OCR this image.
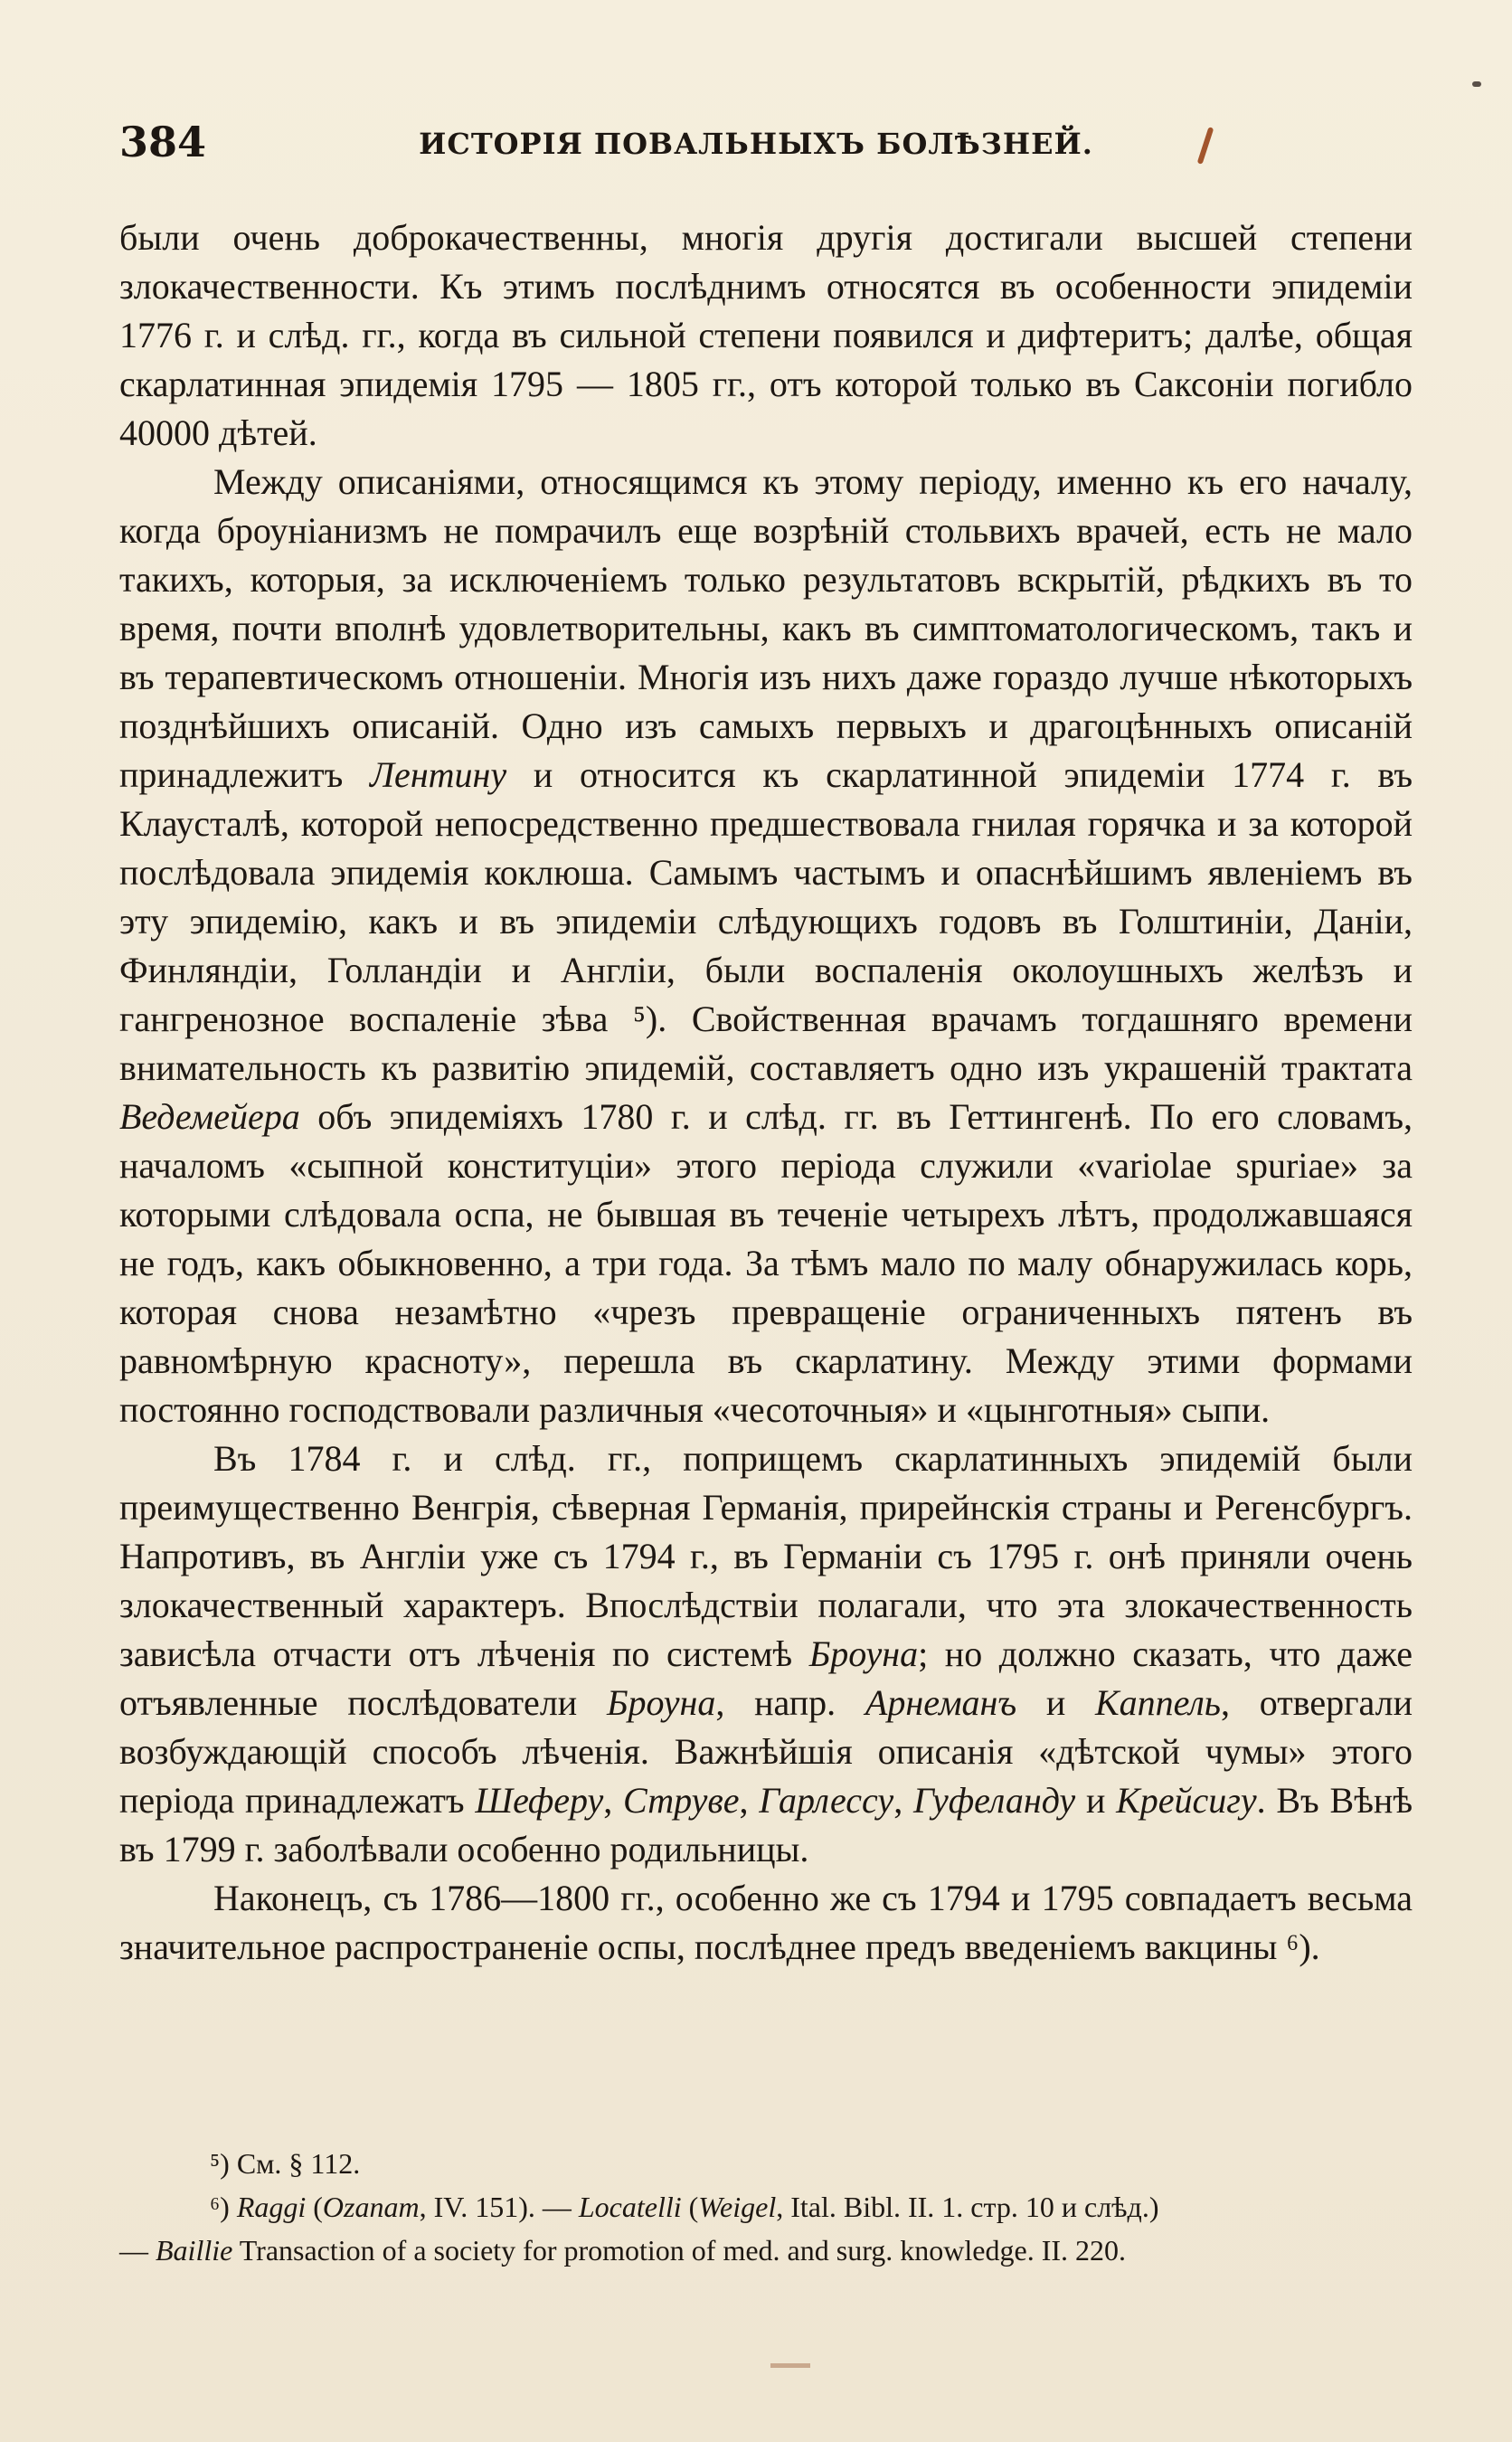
384	ИСТОРІЯ ПОВАЛЬНЫХЪ БОЛѢЗНЕЙ.

были очень доброкачественны, многія другія достигали высшей степени злокачественности. Къ этимъ послѣднимъ относятся въ особенности эпидеміи 1776 г. и слѣд. гг., когда въ сильной степени появился и дифтеритъ; далѣе, общая скарлатинная эпидемія 1795 — 1805 гг., отъ которой только въ Саксоніи погибло 40000 дѣтей.

Между описаніями, относящимся къ этому періоду, именно къ его началу, когда броуніанизмъ не помрачилъ еще возрѣній стольвихъ врачей, есть не мало такихъ, которыя, за исключеніемъ только результатовъ вскрытій, рѣдкихъ въ то время, почти вполнѣ удовлетворительны, какъ въ симптоматологическомъ, такъ и въ терапевтическомъ отношеніи. Многія изъ нихъ даже гораздо лучше нѣкоторыхъ позднѣйшихъ описаній. Одно изъ самыхъ первыхъ и драгоцѣнныхъ описаній принадлежитъ Лентину и относится къ скарлатинной эпидеміи 1774 г. въ Клаусталѣ, которой непосредственно предшествовала гнилая горячка и за которой послѣдовала эпидемія коклюша. Самымъ частымъ и опаснѣйшимъ явленіемъ въ эту эпидемію, какъ и въ эпидеміи слѣдующихъ годовъ въ Голштиніи, Даніи, Финляндіи, Голландіи и Англіи, были воспаленія околоушныхъ желѣзъ и гангренозное воспаленіе зѣва ⁵). Свойственная врачамъ тогдашняго времени внимательность къ развитію эпидемій, составляетъ одно изъ украшеній трактата Ведемейера объ эпидеміяхъ 1780 г. и слѣд. гг. въ Геттингенѣ. По его словамъ, началомъ «сыпной конституціи» этого періода служили «variolae spuriae» за которыми слѣдовала оспа, не бывшая въ теченіе четырехъ лѣтъ, продолжавшаяся не годъ, какъ обыкновенно, а три года. За тѣмъ мало по малу обнаружилась корь, которая снова незамѣтно «чрезъ превращеніе ограниченныхъ пятенъ въ равномѣрную красноту», перешла въ скарлатину. Между этими формами постоянно господствовали различныя «чесоточныя» и «цынготныя» сыпи.

Въ 1784 г. и слѣд. гг., поприщемъ скарлатинныхъ эпидемій были преимущественно Венгрія, сѣверная Германія, прирейнскія страны и Регенсбургъ. Напротивъ, въ Англіи уже съ 1794 г., въ Германіи съ 1795 г. онѣ приняли очень злокачественный характеръ. Впослѣдствіи полагали, что эта злокачественность зависѣла отчасти отъ лѣченія по системѣ Броуна; но должно сказать, что даже отъявленные послѣдователи Броуна, напр. Арнеманъ и Каппель, отвергали возбуждающій способъ лѣченія. Важнѣйшія описанія «дѣтской чумы» этого періода принадлежатъ Шеферу, Струве, Гарлессу, Гуфеланду и Крейсигу. Въ Вѣнѣ въ 1799 г. заболѣвали особенно родильницы.

Наконецъ, съ 1786—1800 гг., особенно же съ 1794 и 1795 совпадаетъ весьма значительное распространеніе оспы, послѣднее предъ введеніемъ вакцины ⁶).

⁵) См. § 112.

⁶) Raggi (Ozanam, IV. 151). — Locatelli (Weigel, Ital. Bibl. II. 1. стр. 10 и слѣд.)

— Baillie Transaction of a society for promotion of med. and surg. knowledge. II. 220.
